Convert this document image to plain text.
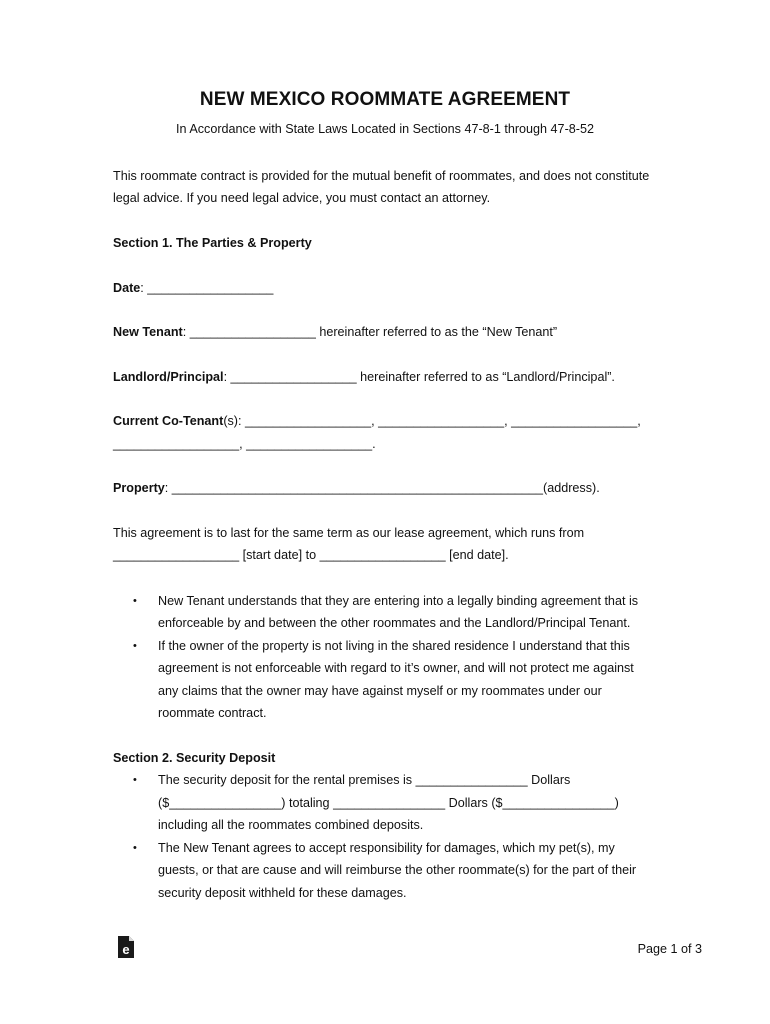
NEW MEXICO ROOMMATE AGREEMENT
In Accordance with State Laws Located in Sections 47-8-1 through 47-8-52
This roommate contract is provided for the mutual benefit of roommates, and does not constitute
legal advice. If you need legal advice, you must contact an attorney.
Section 1. The Parties & Property
Date: __________________
New Tenant: __________________ hereinafter referred to as the “New Tenant”
Landlord/Principal: __________________ hereinafter referred to as “Landlord/Principal”.
Current Co-Tenant(s): __________________, __________________, __________________,
__________________, __________________.
Property: _____________________________________________________(address).
This agreement is to last for the same term as our lease agreement, which runs from
__________________ [start date] to __________________ [end date].
• New Tenant understands that they are entering into a legally binding agreement that is
enforceable by and between the other roommates and the Landlord/Principal Tenant.
• If the owner of the property is not living in the shared residence I understand that this
agreement is not enforceable with regard to it’s owner, and will not protect me against
any claims that the owner may have against myself or my roommates under our
roommate contract.
Section 2. Security Deposit
• The security deposit for the rental premises is ________________ Dollars
($________________) totaling ________________ Dollars ($________________)
including all the roommates combined deposits.
• The New Tenant agrees to accept responsibility for damages, which my pet(s), my
guests, or that are cause and will reimburse the other roommate(s) for the part of their
security deposit withheld for these damages.
e	Page 1 of 3
